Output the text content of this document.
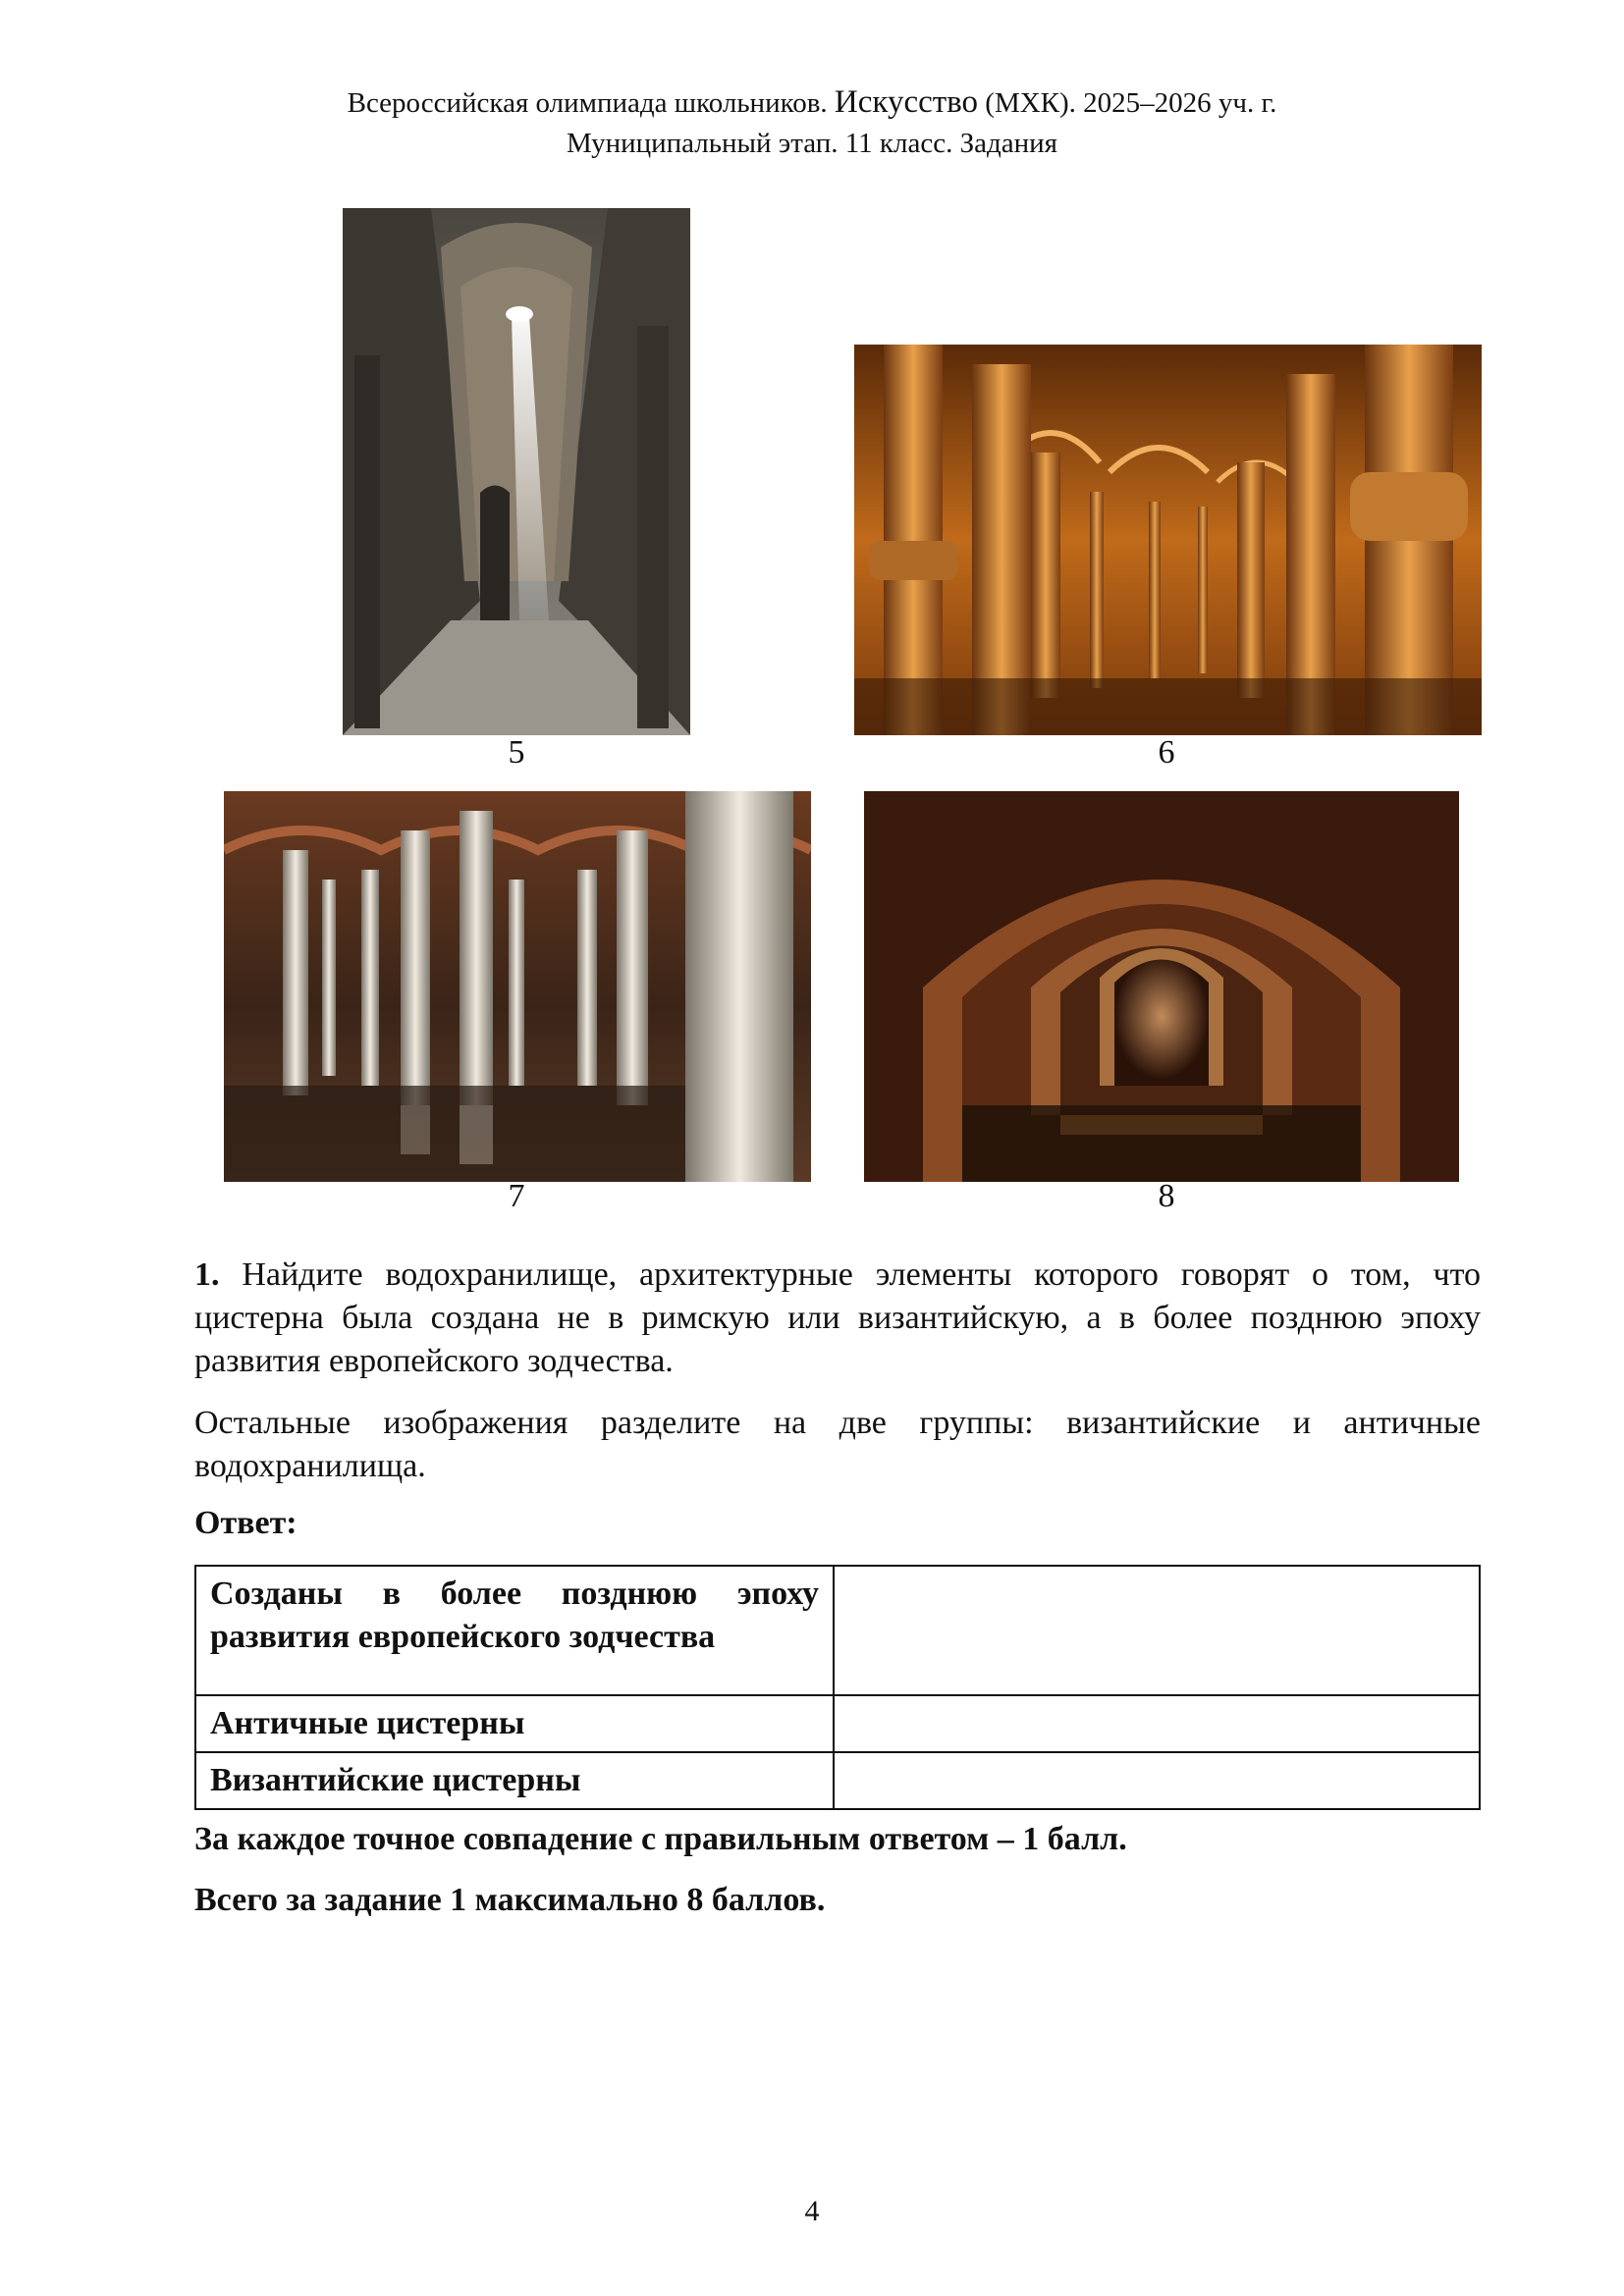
Всероссийская олимпиада школьников. Искусство (МХК). 2025–2026 уч. г.
Муниципальный этап. 11 класс. Задания
5	6
7	8
1. Найдите водохранилище, архитектурные элементы которого говорят о том, что цистерна была создана не в римскую или византийскую, а в более позднюю эпоху развития европейского зодчества.
Остальные изображения разделите на две группы: византийские и античные водохранилища.
Ответ:
Созданы в более позднюю эпоху развития европейского зодчества	
Античные цистерны	
Византийские цистерны	
За каждое точное совпадение с правильным ответом – 1 балл.
Всего за задание 1 максимально 8 баллов.
4
